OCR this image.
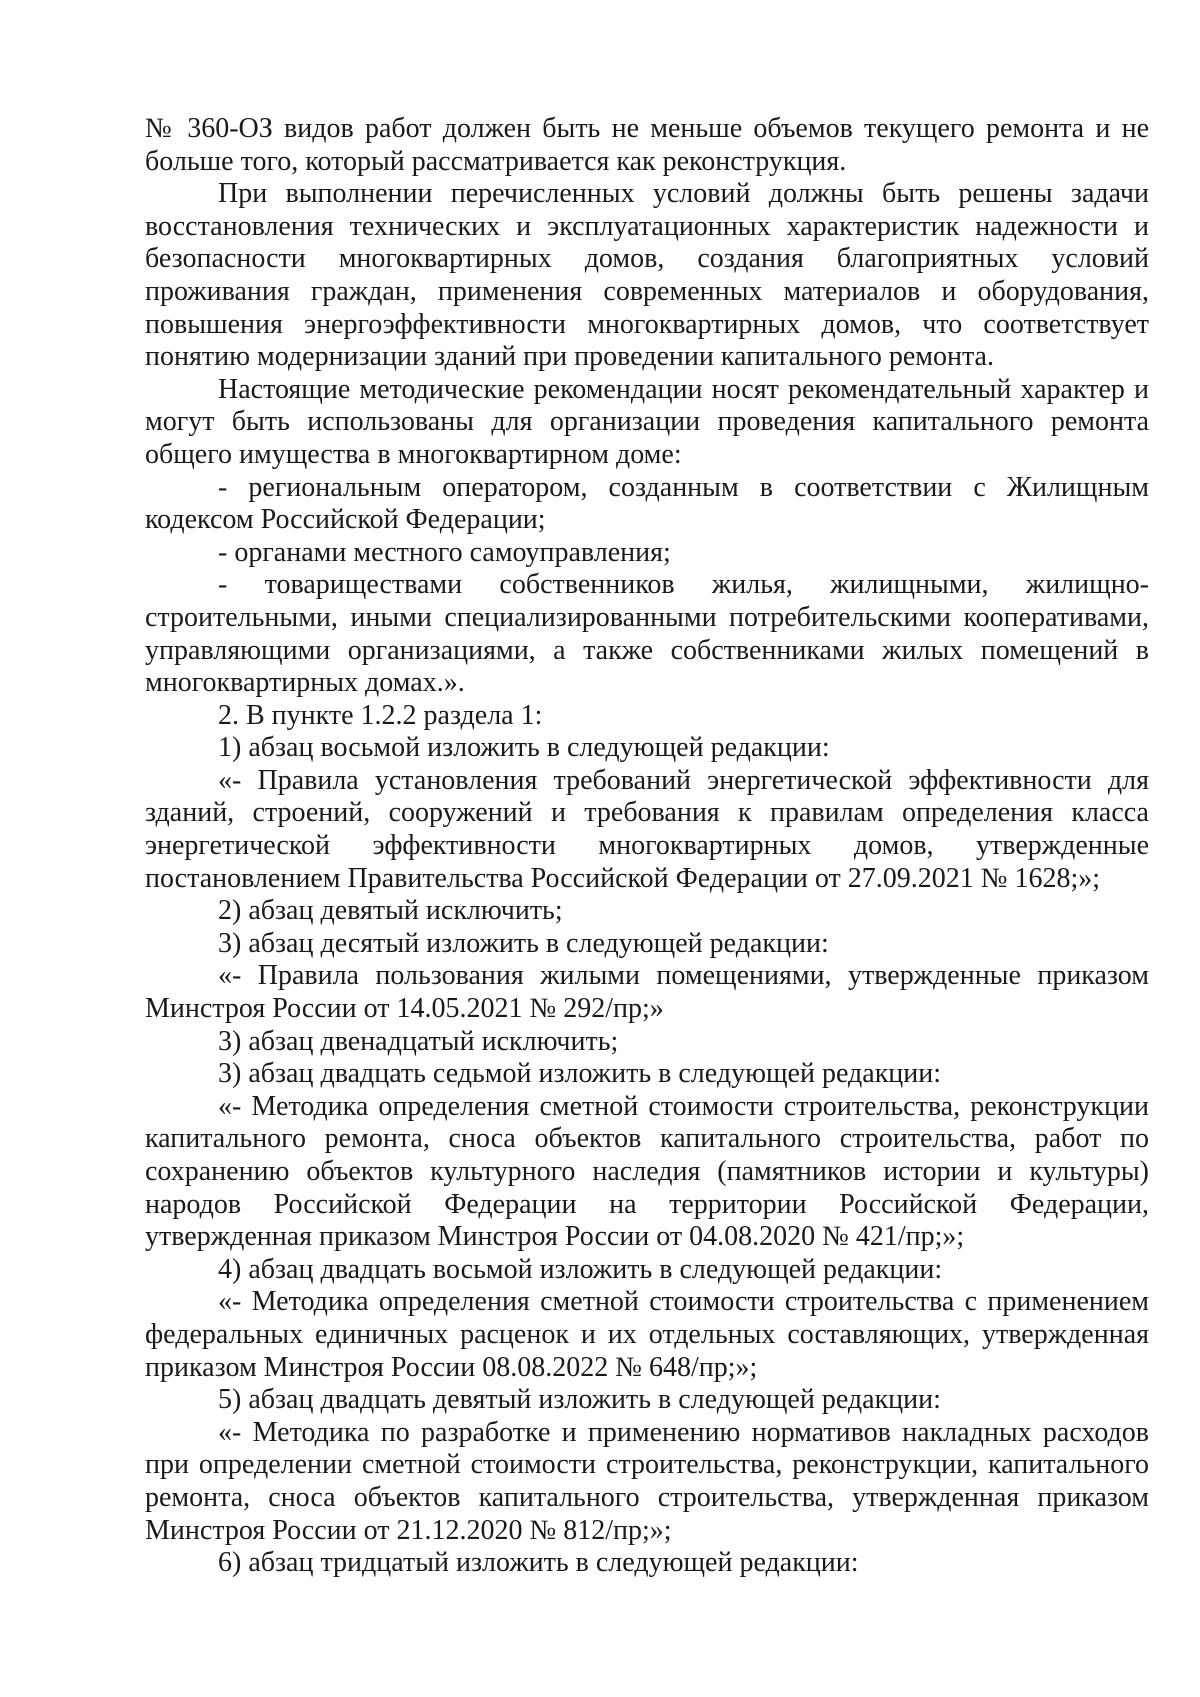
№ 360-ОЗ видов работ должен быть не меньше объемов текущего ремонта и не больше того, который рассматривается как реконструкция.

При выполнении перечисленных условий должны быть решены задачи восстановления технических и эксплуатационных характеристик надежности и безопасности многоквартирных домов, создания благоприятных условий проживания граждан, применения современных материалов и оборудования, повышения энергоэффективности многоквартирных домов, что соответствует понятию модернизации зданий при проведении капитального ремонта.

Настоящие методические рекомендации носят рекомендательный характер и могут быть использованы для организации проведения капитального ремонта общего имущества в многоквартирном доме:

- региональным оператором, созданным в соответствии с Жилищным кодексом Российской Федерации;

- органами местного самоуправления;

- товариществами собственников жилья, жилищными, жилищно-строительными, иными специализированными потребительскими кооперативами, управляющими организациями, а также собственниками жилых помещений в многоквартирных домах.».

2. В пункте 1.2.2 раздела 1:

1) абзац восьмой изложить в следующей редакции:

«- Правила установления требований энергетической эффективности для зданий, строений, сооружений и требования к правилам определения класса энергетической эффективности многоквартирных домов, утвержденные постановлением Правительства Российской Федерации от 27.09.2021 № 1628;»;

2) абзац девятый исключить;

3) абзац десятый изложить в следующей редакции:

«- Правила пользования жилыми помещениями, утвержденные приказом Минстроя России от 14.05.2021 № 292/пр;»

3) абзац двенадцатый исключить;

3) абзац двадцать седьмой изложить в следующей редакции:

«- Методика определения сметной стоимости строительства, реконструкции капитального ремонта, сноса объектов капитального строительства, работ по сохранению объектов культурного наследия (памятников истории и культуры) народов Российской Федерации на территории Российской Федерации, утвержденная приказом Минстроя России от 04.08.2020 № 421/пр;»;

4) абзац двадцать восьмой изложить в следующей редакции:

«- Методика определения сметной стоимости строительства с применением федеральных единичных расценок и их отдельных составляющих, утвержденная приказом Минстроя России 08.08.2022 № 648/пр;»;

5) абзац двадцать девятый изложить в следующей редакции:

«- Методика по разработке и применению нормативов накладных расходов при определении сметной стоимости строительства, реконструкции, капитального ремонта, сноса объектов капитального строительства, утвержденная приказом Минстроя России от 21.12.2020 № 812/пр;»;

6) абзац тридцатый изложить в следующей редакции:
